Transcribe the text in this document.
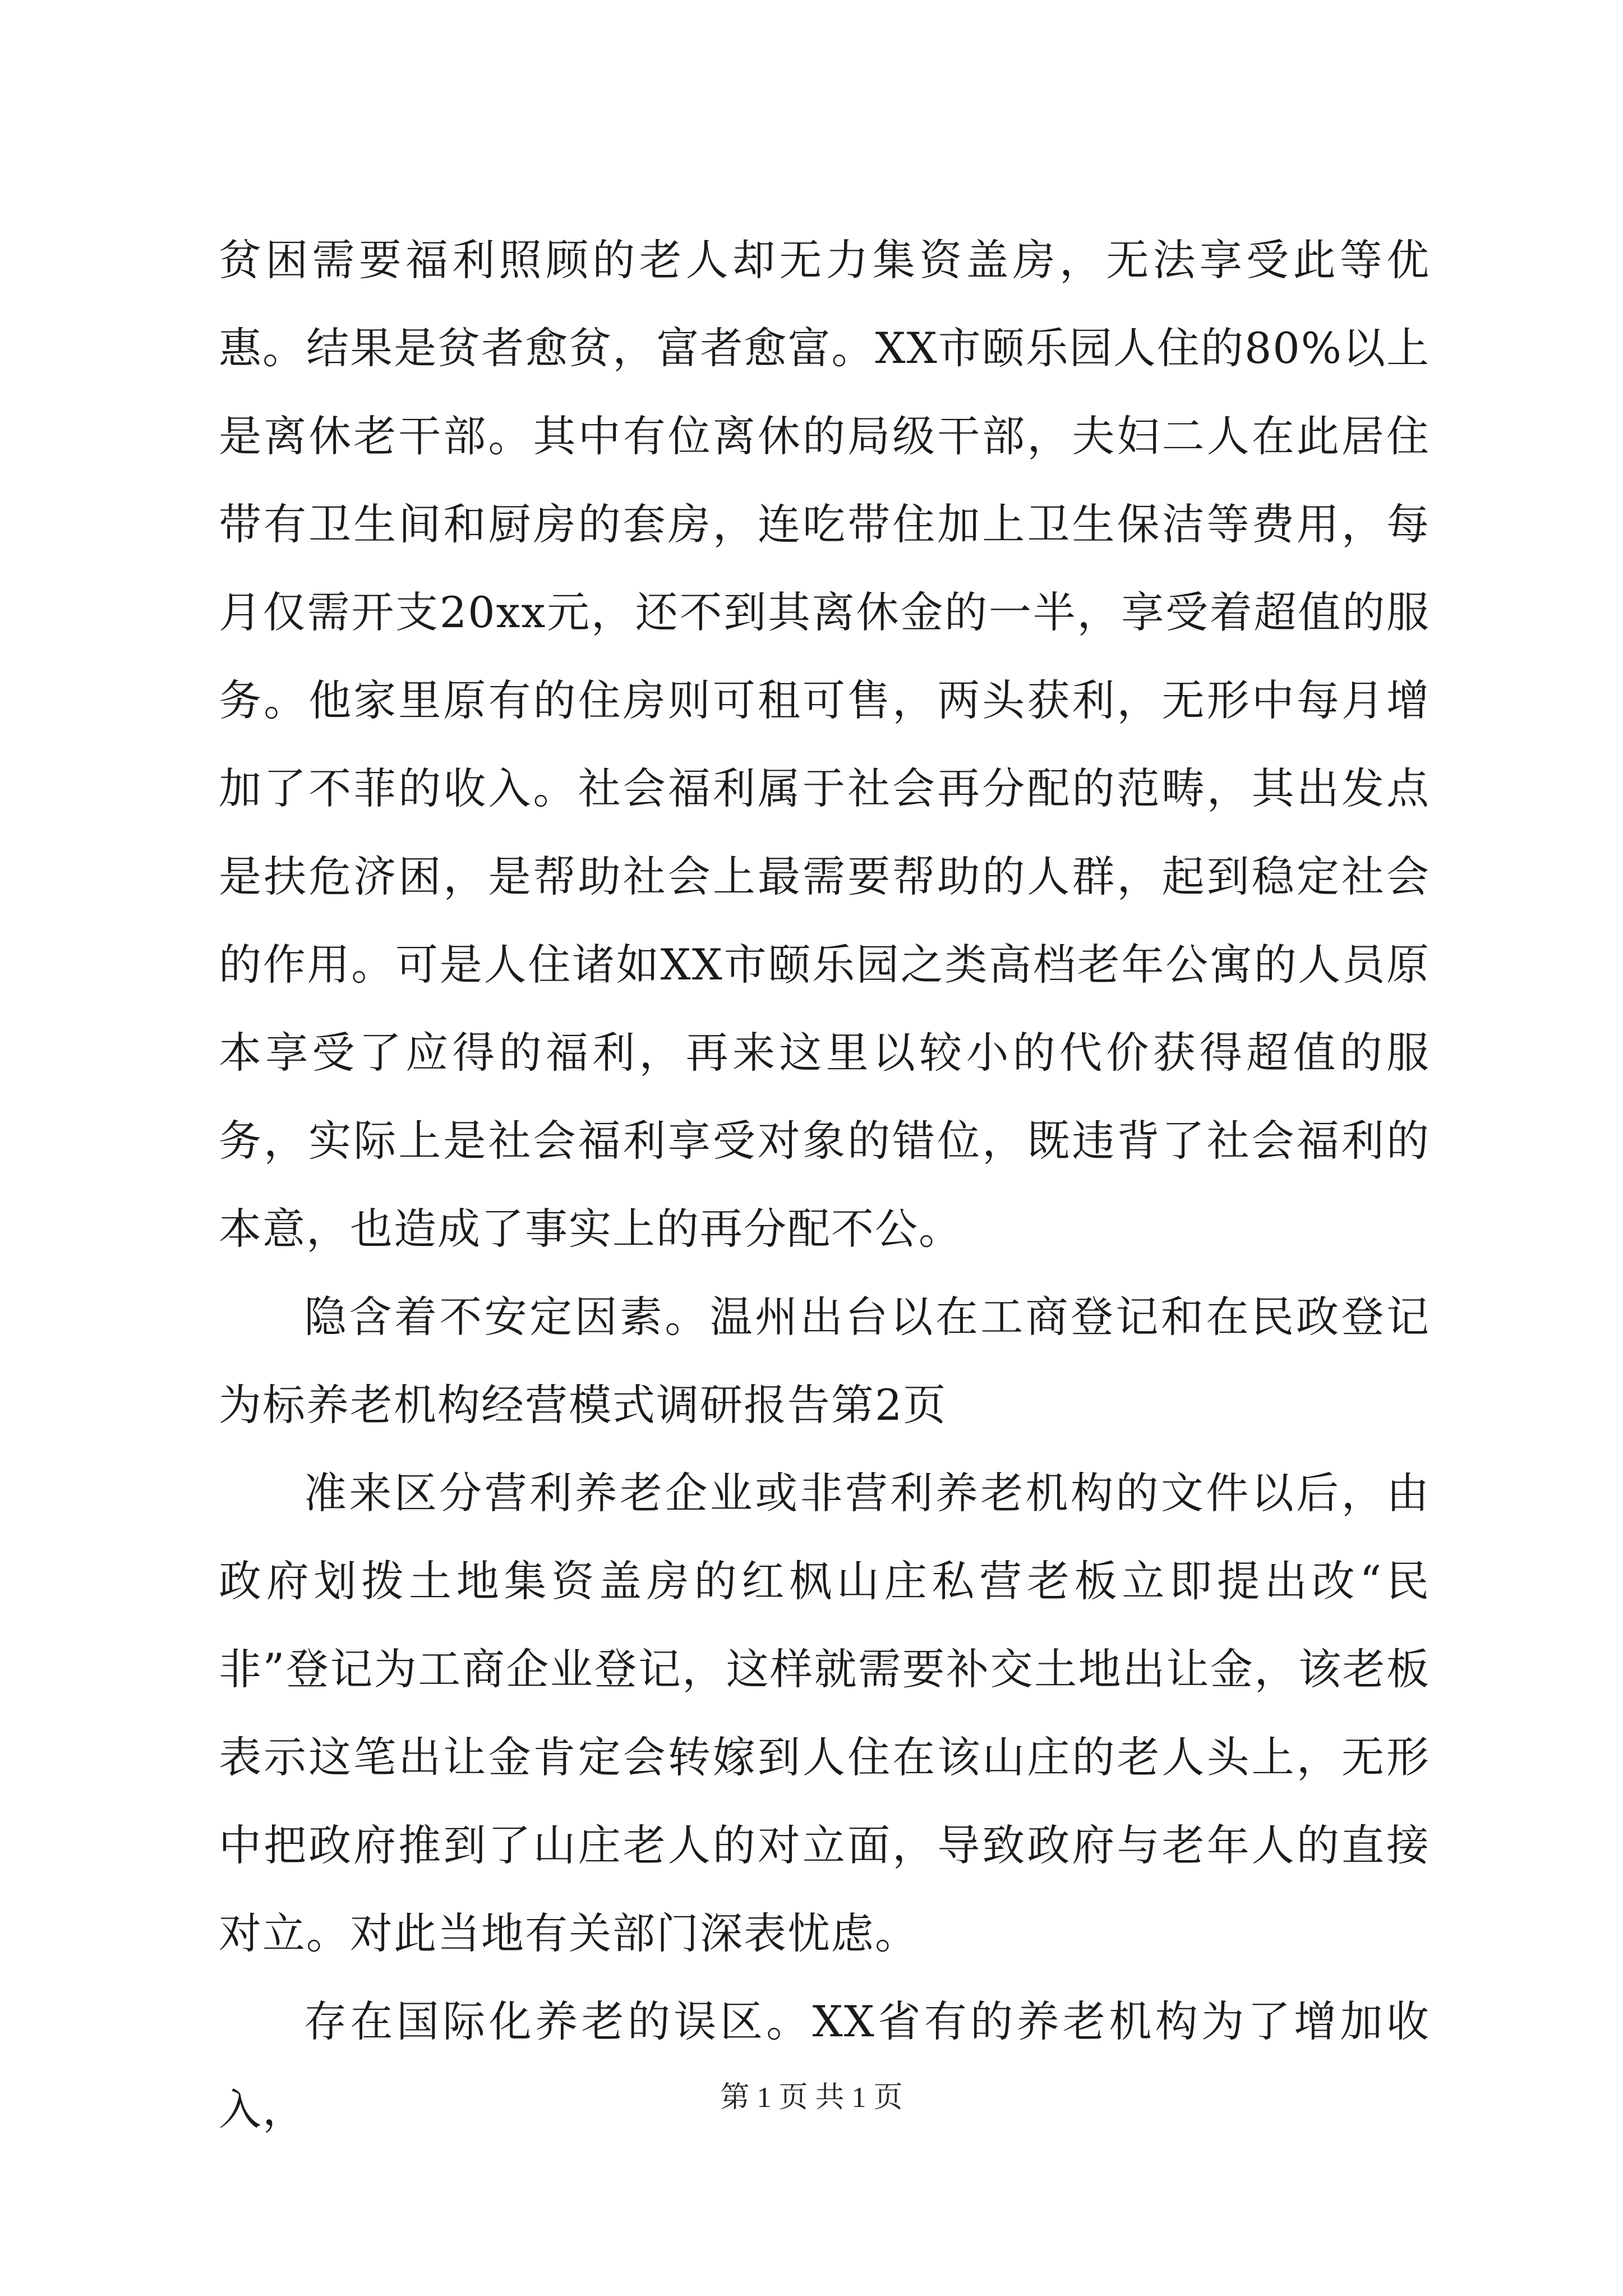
贫困需要福利照顾的老人却无力集资盖房，无法享受此等优惠。结果是贫者愈贫，富者愈富。XX市颐乐园人住的80%以上是离休老干部。其中有位离休的局级干部，夫妇二人在此居住带有卫生间和厨房的套房，连吃带住加上卫生保洁等费用，每月仅需开支20xx元，还不到其离休金的一半，享受着超值的服务。他家里原有的住房则可租可售，两头获利，无形中每月增加了不菲的收入。社会福利属于社会再分配的范畴，其出发点是扶危济困，是帮助社会上最需要帮助的人群，起到稳定社会的作用。可是人住诸如XX市颐乐园之类高档老年公寓的人员原本享受了应得的福利，再来这里以较小的代价获得超值的服务，实际上是社会福利享受对象的错位，既违背了社会福利的本意，也造成了事实上的再分配不公。

隐含着不安定因素。温州出台以在工商登记和在民政登记为标养老机构经营模式调研报告第2页

准来区分营利养老企业或非营利养老机构的文件以后，由政府划拨土地集资盖房的红枫山庄私营老板立即提出改“民非”登记为工商企业登记，这样就需要补交土地出让金，该老板表示这笔出让金肯定会转嫁到人住在该山庄的老人头上，无形中把政府推到了山庄老人的对立面，导致政府与老年人的直接对立。对此当地有关部门深表忧虑。

存在国际化养老的误区。XX省有的养老机构为了增加收入，	第 1 页 共 1 页
